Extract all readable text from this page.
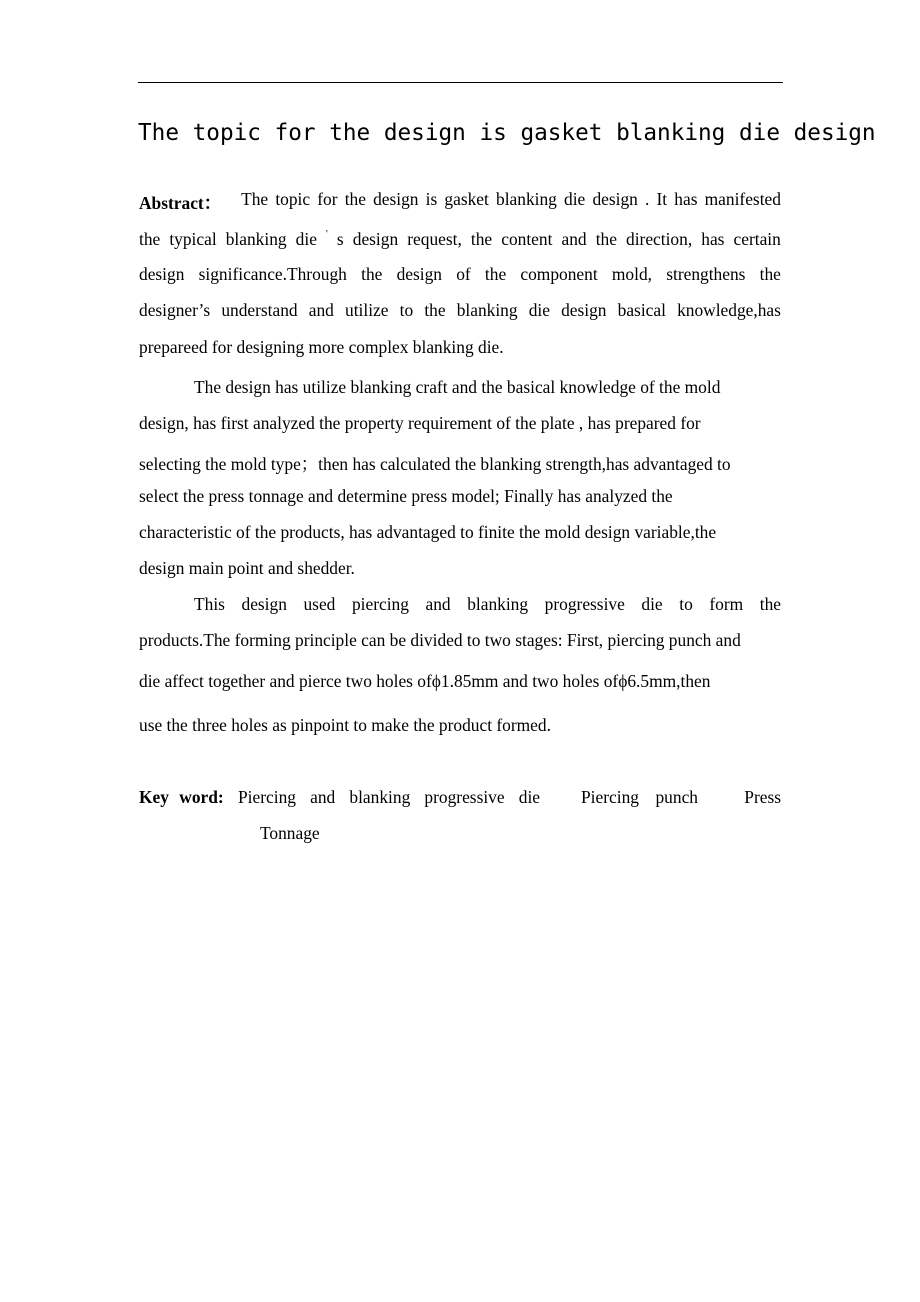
The topic for the design is gasket blanking die design
Abstract： The topic for the design is gasket blanking die design . It has manifested
the typical blanking die ' s design request, the content and the direction, has certain
design significance.Through the design of the component mold, strengthens the
designer’s understand and utilize to the blanking die design basical knowledge,has
prepareed for designing more complex blanking die.
The design has utilize blanking craft and the basical knowledge of the mold
design, has first analyzed the property requirement of the plate , has prepared for
selecting the mold type；then has calculated the blanking strength,has advantaged to
select the press tonnage and determine press model; Finally has analyzed the
characteristic of the products, has advantaged to finite the mold design variable,the
design main point and shedder.
This design used piercing and blanking progressive die to form the
products.The forming principle can be divided to two stages: First, piercing punch and
die affect together and pierce two holes ofϕ1.85mm and two holes ofϕ6.5mm,then
use the three holes as pinpoint to make the product formed.
Key word: Piercing and blanking progressive die Piercing punch	Press
Tonnage
